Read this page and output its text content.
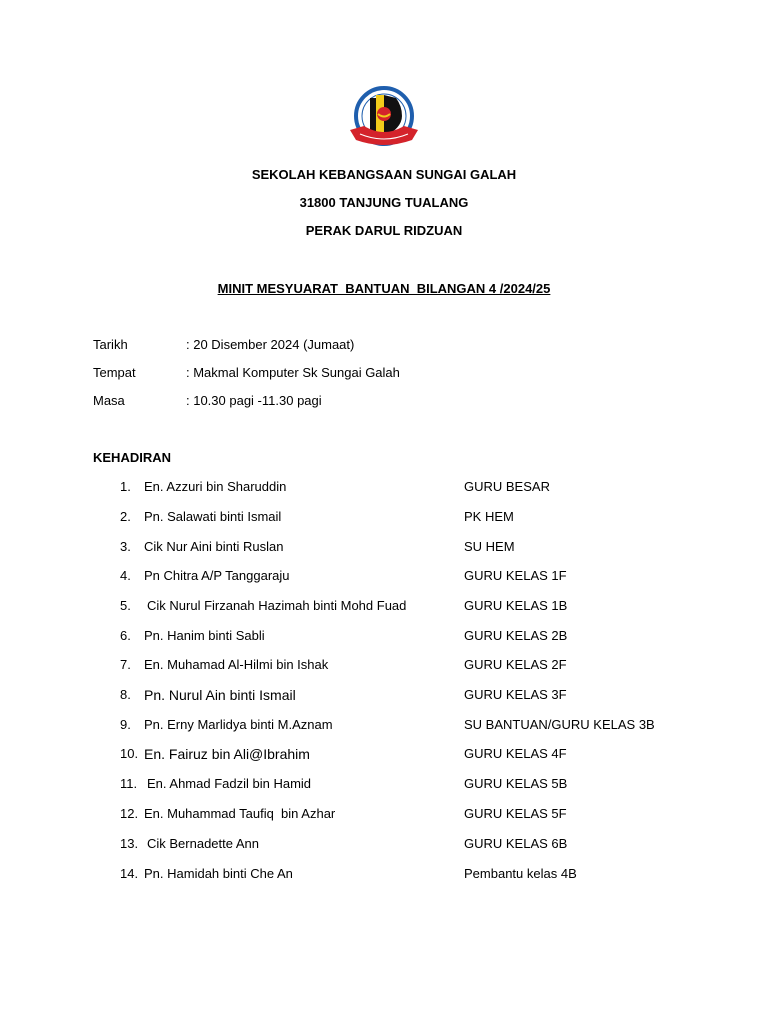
SEKOLAH KEBANGSAAN SUNGAI GALAH
31800 TANJUNG TUALANG
PERAK DARUL RIDZUAN
MINIT MESYUARAT  BANTUAN  BILANGAN 4 /2024/25
Tarikh	: 20 Disember 2024 (Jumaat)
Tempat	: Makmal Komputer Sk Sungai Galah
Masa	: 10.30 pagi -11.30 pagi
KEHADIRAN
1. En. Azzuri bin Sharuddin	GURU BESAR
2. Pn. Salawati binti Ismail	PK HEM
3. Cik Nur Aini binti Ruslan	SU HEM
4. Pn Chitra A/P Tanggaraju	GURU KELAS 1F
5. Cik Nurul Firzanah Hazimah binti Mohd Fuad	GURU KELAS 1B
6. Pn. Hanim binti Sabli	GURU KELAS 2B
7. En. Muhamad Al-Hilmi bin Ishak	GURU KELAS 2F
8. Pn. Nurul Ain binti Ismail	GURU KELAS 3F
9. Pn. Erny Marlidya binti M.Aznam	SU BANTUAN/GURU KELAS 3B
10. En. Fairuz bin Ali@Ibrahim	GURU KELAS 4F
11. En. Ahmad Fadzil bin Hamid	GURU KELAS 5B
12. En. Muhammad Taufiq  bin Azhar	GURU KELAS 5F
13. Cik Bernadette Ann	GURU KELAS 6B
14. Pn. Hamidah binti Che An	Pembantu kelas 4B
